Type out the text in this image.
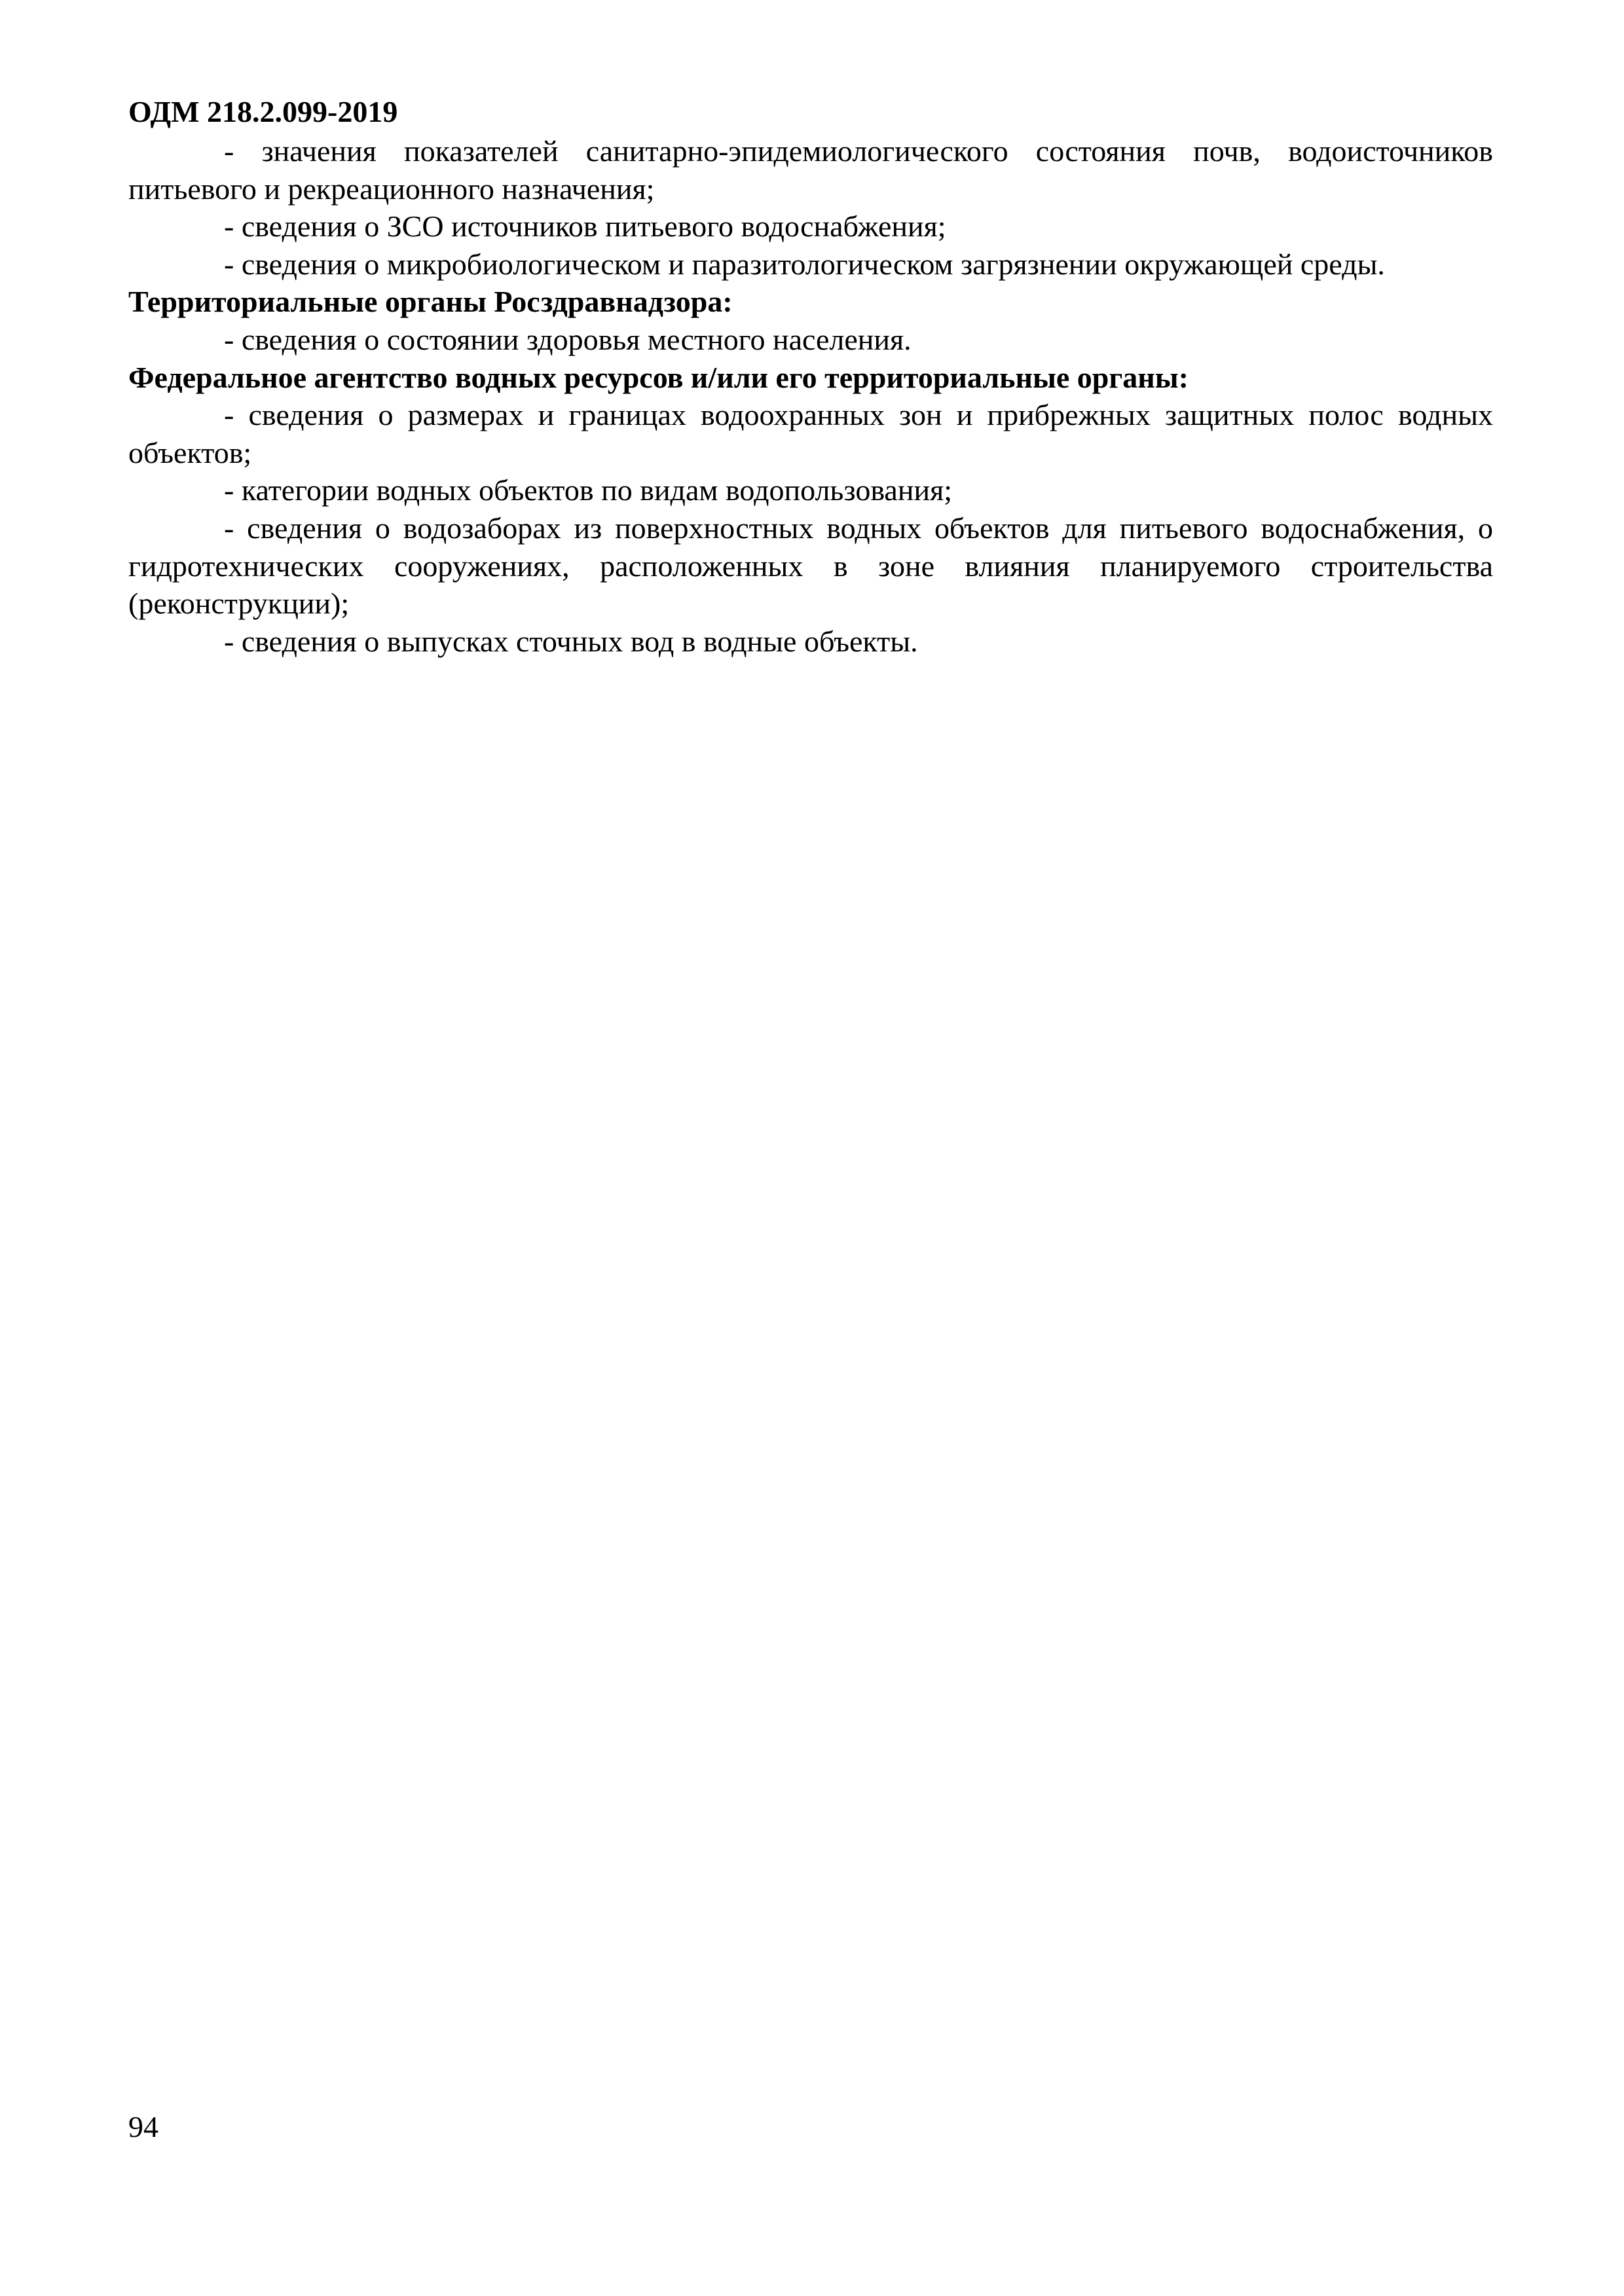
ОДМ 218.2.099-2019

- значения показателей санитарно-эпидемиологического состояния почв, водоисточников питьевого и рекреационного назначения;

- сведения о ЗСО источников питьевого водоснабжения;

- сведения о микробиологическом и паразитологическом загрязнении окружающей среды.

Территориальные органы Росздравнадзора:

- сведения о состоянии здоровья местного населения.

Федеральное агентство водных ресурсов и/или его территориальные органы:

- сведения о размерах и границах водоохранных зон и прибрежных защитных полос водных объектов;

- категории водных объектов по видам водопользования;

- сведения о водозаборах из поверхностных водных объектов для питьевого водоснабжения, о гидротехнических сооружениях, расположенных в зоне влияния планируемого строительства (реконструкции);

- сведения о выпусках сточных вод в водные объекты.

94
